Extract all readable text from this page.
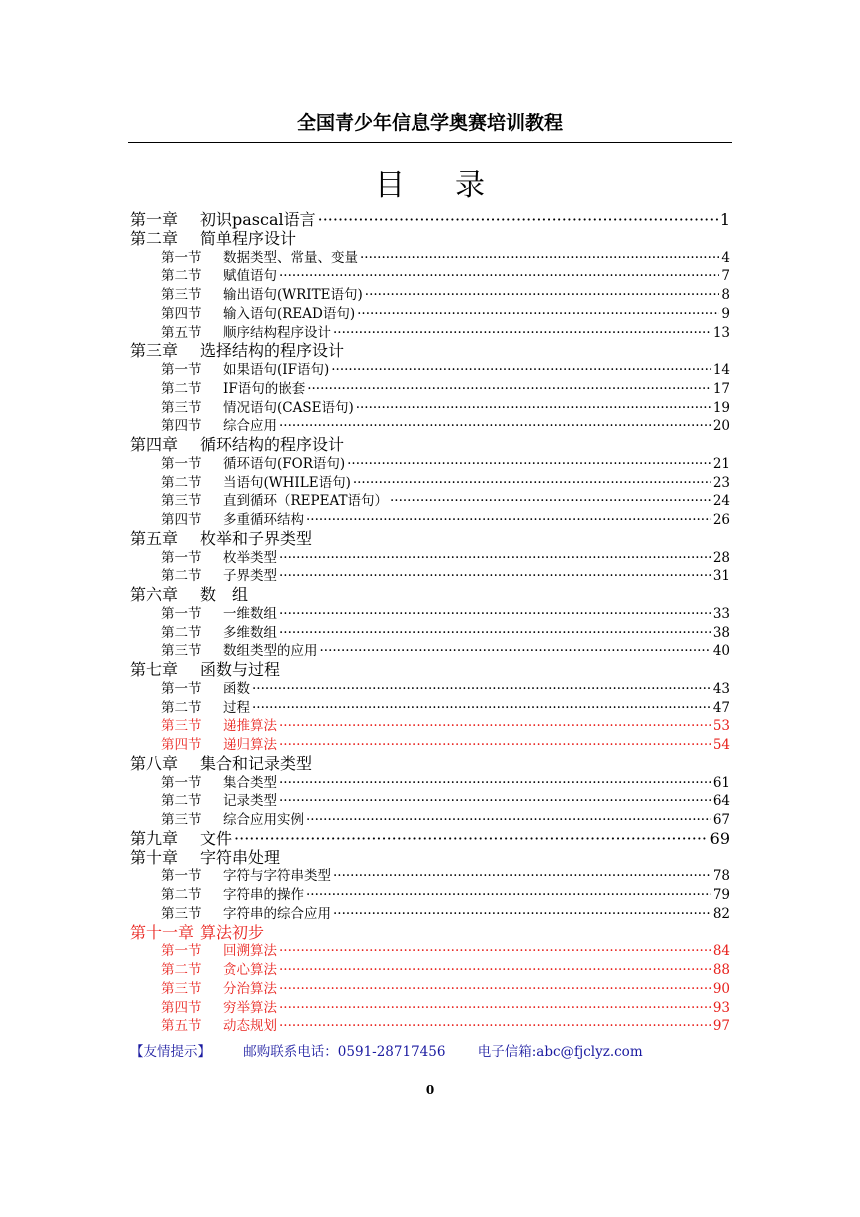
全国青少年信息学奥赛培训教程
目录
第一章	初识pascal语言 ·····	1
第二章	简单程序设计
第一节	数据类型、常量、变量 ·····	4
第二节	赋值语句 ·····	7
第三节	输出语句(WRITE语句) ·····	8
第四节	输入语句(READ语句) ·····	9
第五节	顺序结构程序设计 ·····	13
第三章	选择结构的程序设计
第一节	如果语句(IF语句) ·····	14
第二节	IF语句的嵌套 ·····	17
第三节	情况语句(CASE语句) ·····	19
第四节	综合应用 ·····	20
第四章	循环结构的程序设计
第一节	循环语句(FOR语句) ·····	21
第二节	当语句(WHILE语句) ·····	23
第三节	直到循环（REPEAT语句） ·····	24
第四节	多重循环结构 ·····	26
第五章	枚举和子界类型
第一节	枚举类型 ·····	28
第二节	子界类型 ·····	31
第六章	数　组
第一节	一维数组 ·····	33
第二节	多维数组 ·····	38
第三节	数组类型的应用 ·····	40
第七章	函数与过程
第一节	函数 ·····	43
第二节	过程 ·····	47
第三节	递推算法 ·····	53
第四节	递归算法 ·····	54
第八章	集合和记录类型
第一节	集合类型 ·····	61
第二节	记录类型 ·····	64
第三节	综合应用实例 ·····	67
第九章	文件 ·····	69
第十章	字符串处理
第一节	字符与字符串类型 ·····	78
第二节	字符串的操作 ·····	79
第三节	字符串的综合应用 ·····	82
第十一章 算法初步
第一节	回溯算法 ·····	84
第二节	贪心算法 ·····	88
第三节	分治算法 ·····	90
第四节	穷举算法 ·····	93
第五节	动态规划 ·····	97
【友情提示】 邮购联系电话：0591-28717456 电子信箱:abc@fjclyz.com
0
